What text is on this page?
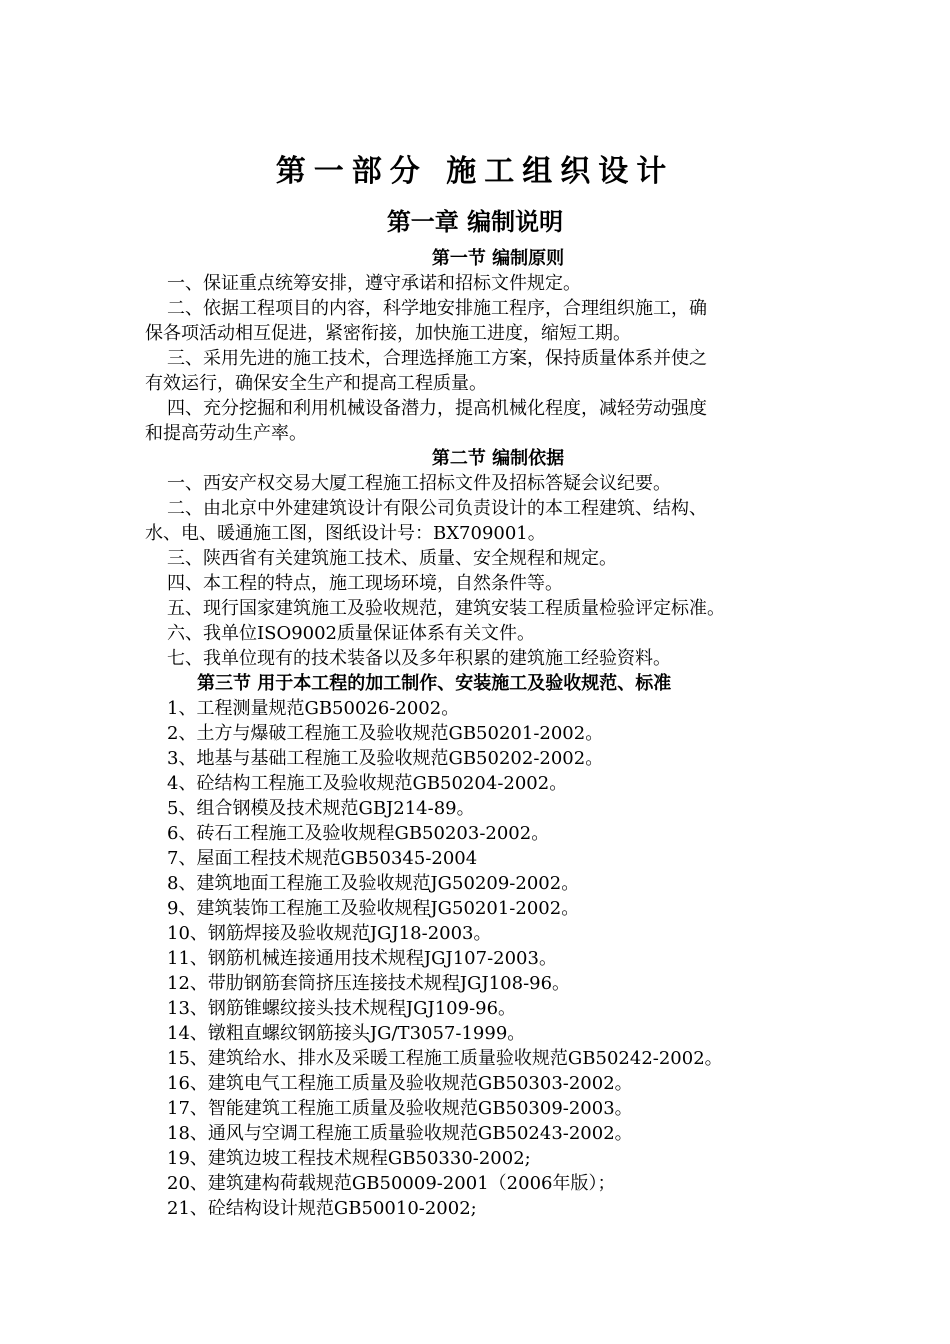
第一部分 施工组织设计
第一章 编制说明
第一节 编制原则
一、保证重点统筹安排，遵守承诺和招标文件规定。
二、依据工程项目的内容，科学地安排施工程序，合理组织施工，确
保各项活动相互促进，紧密衔接，加快施工进度，缩短工期。
三、采用先进的施工技术，合理选择施工方案，保持质量体系并使之
有效运行，确保安全生产和提高工程质量。
四、充分挖掘和利用机械设备潜力，提高机械化程度，减轻劳动强度
和提高劳动生产率。
第二节 编制依据
一、西安产权交易大厦工程施工招标文件及招标答疑会议纪要。
二、由北京中外建建筑设计有限公司负责设计的本工程建筑、结构、
水、电、暖通施工图，图纸设计号：BX709001。
三、陕西省有关建筑施工技术、质量、安全规程和规定。
四、本工程的特点，施工现场环境，自然条件等。
五、现行国家建筑施工及验收规范，建筑安装工程质量检验评定标准。
六、我单位ISO9002质量保证体系有关文件。
七、我单位现有的技术装备以及多年积累的建筑施工经验资料。
第三节 用于本工程的加工制作、安装施工及验收规范、标准
1、工程测量规范GB50026-2002。
2、土方与爆破工程施工及验收规范GB50201-2002。
3、地基与基础工程施工及验收规范GB50202-2002。
4、砼结构工程施工及验收规范GB50204-2002。
5、组合钢模及技术规范GBJ214-89。
6、砖石工程施工及验收规程GB50203-2002。
7、屋面工程技术规范GB50345-2004
8、建筑地面工程施工及验收规范JG50209-2002。
9、建筑装饰工程施工及验收规程JG50201-2002。
10、钢筋焊接及验收规范JGJ18-2003。
11、钢筋机械连接通用技术规程JGJ107-2003。
12、带肋钢筋套筒挤压连接技术规程JGJ108-96。
13、钢筋锥螺纹接头技术规程JGJ109-96。
14、镦粗直螺纹钢筋接头JG/T3057-1999。
15、建筑给水、排水及采暖工程施工质量验收规范GB50242-2002。
16、建筑电气工程施工质量及验收规范GB50303-2002。
17、智能建筑工程施工质量及验收规范GB50309-2003。
18、通风与空调工程施工质量验收规范GB50243-2002。
19、建筑边坡工程技术规程GB50330-2002;
20、建筑建构荷载规范GB50009-2001（2006年版）；
21、砼结构设计规范GB50010-2002;
